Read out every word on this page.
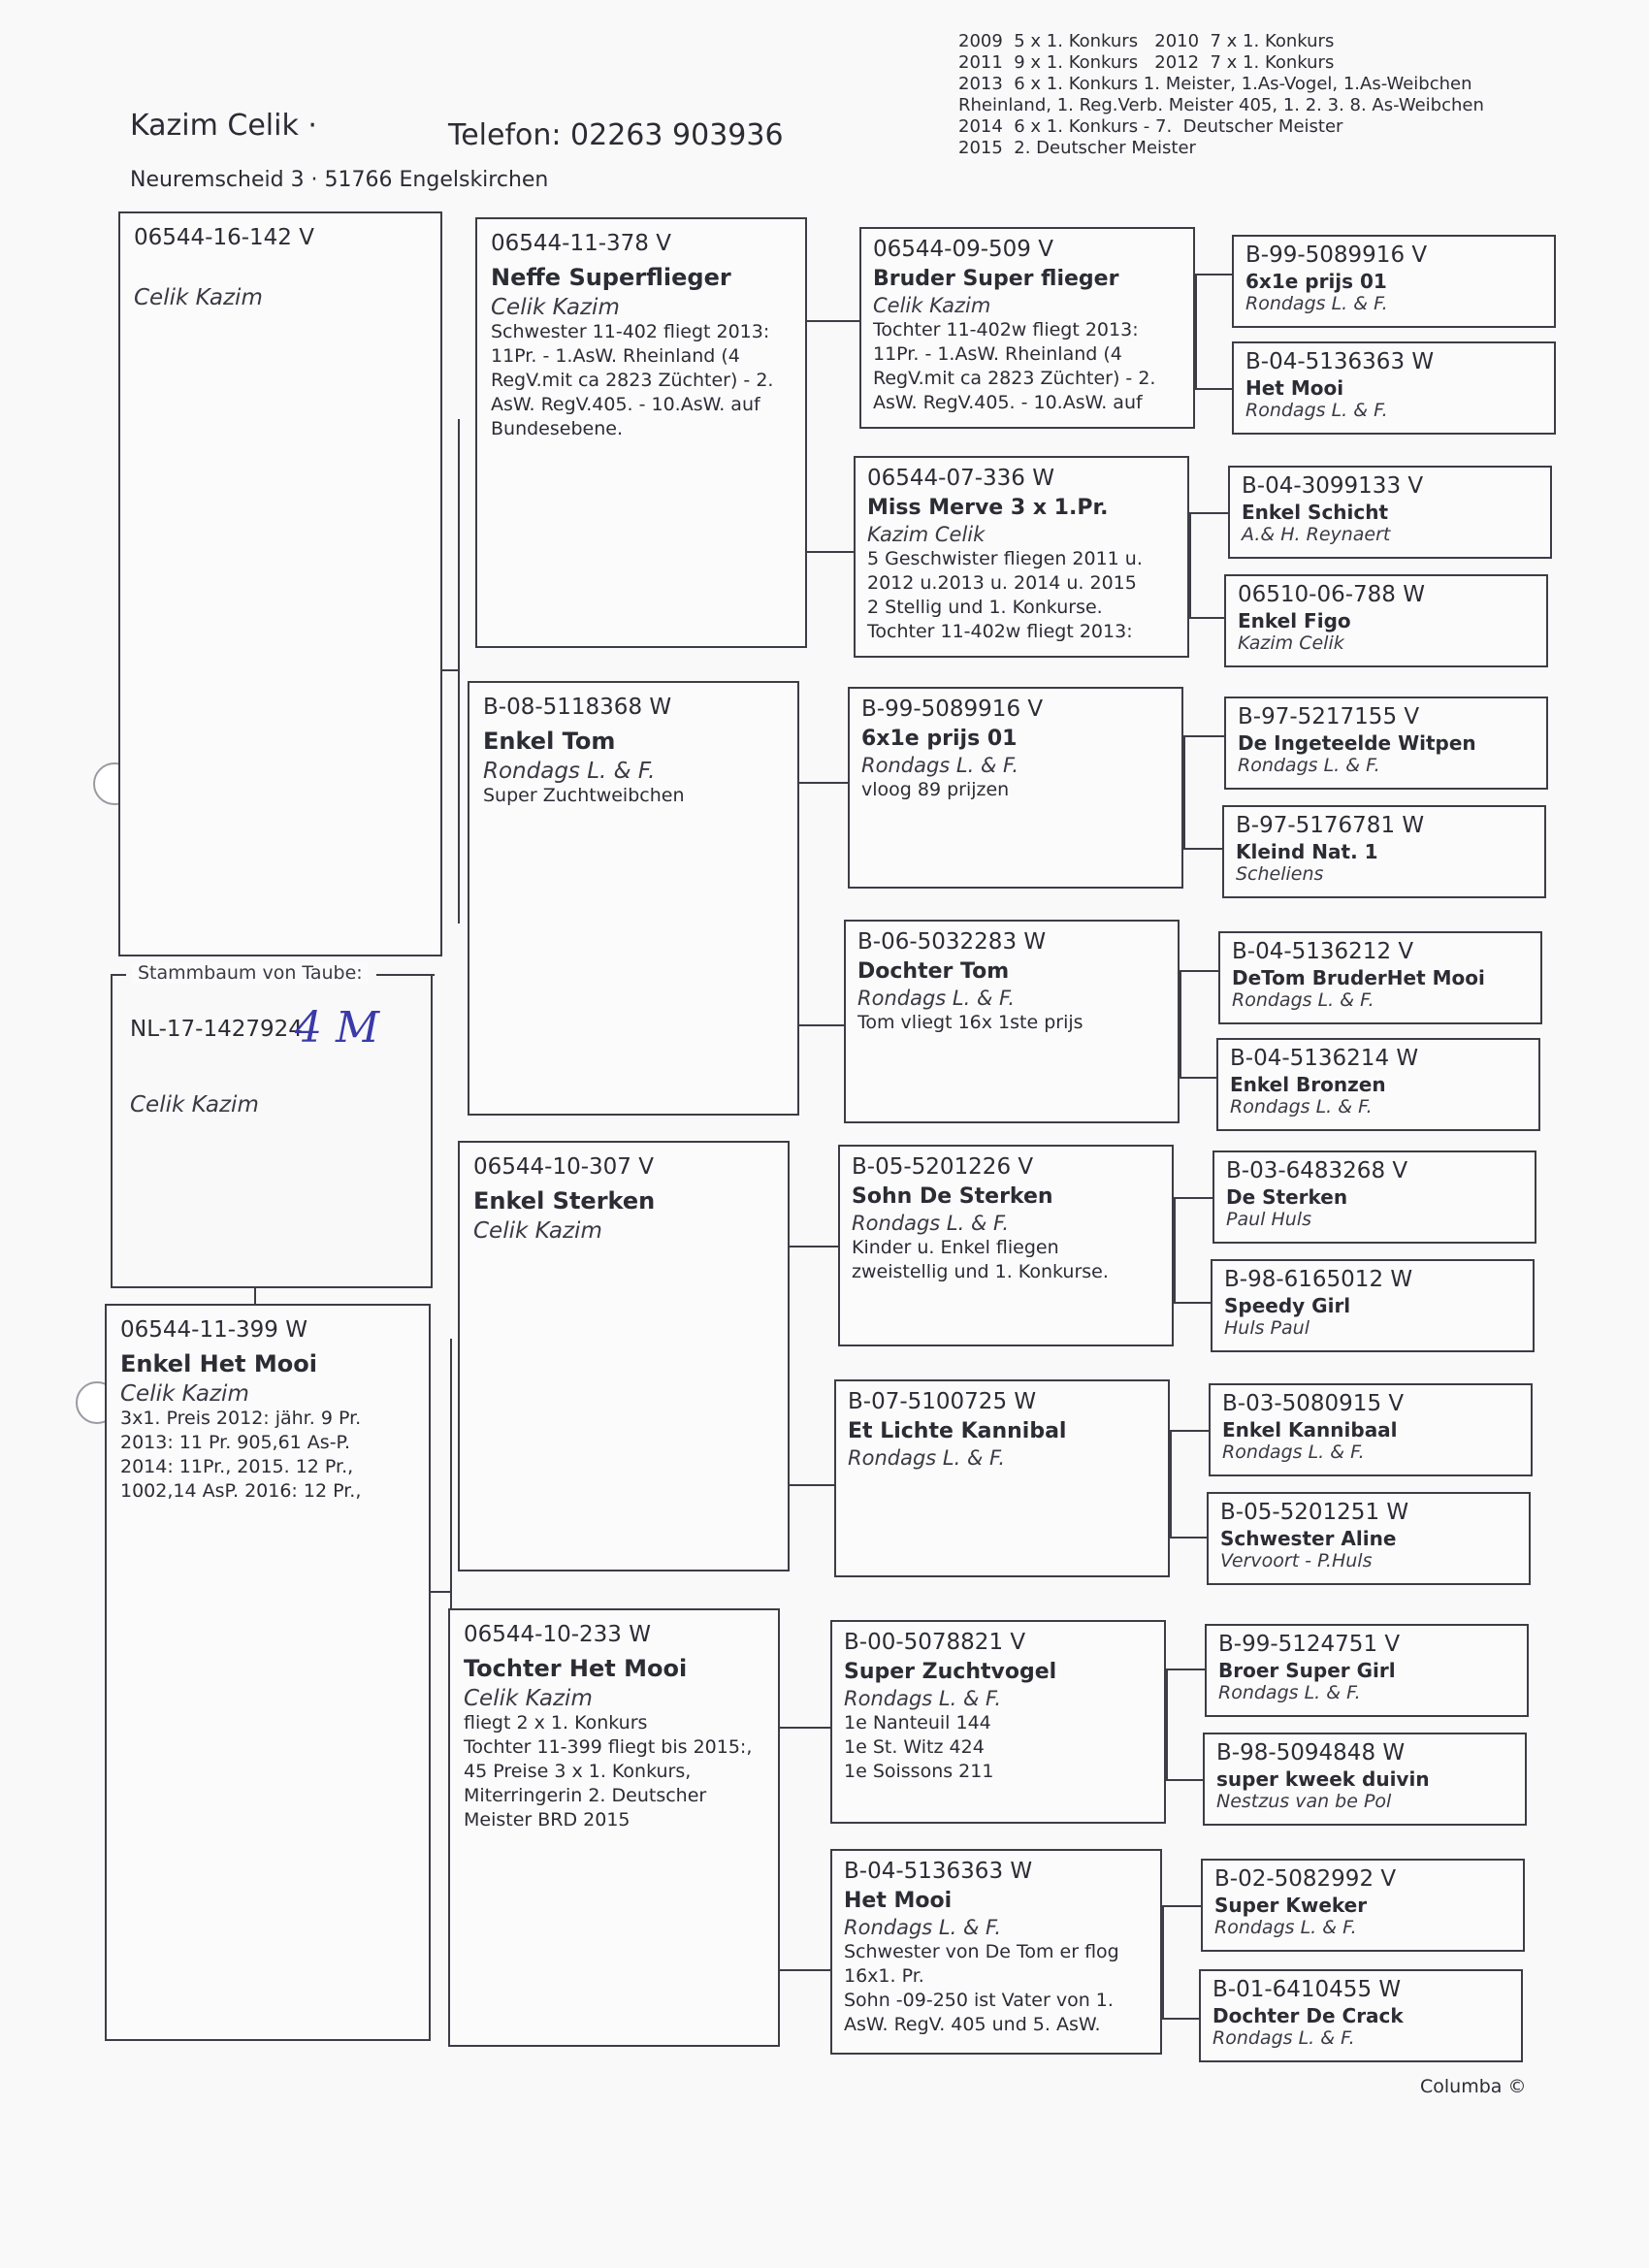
Kazim Celik ·	Telefon: 02263 903936
Neuremscheid 3 · 51766 Engelskirchen
2009  5 x 1. Konkurs   2010  7 x 1. Konkurs
2011  9 x 1. Konkurs   2012  7 x 1. Konkurs
2013  6 x 1. Konkurs 1. Meister, 1.As-Vogel, 1.As-Weibchen
Rheinland, 1. Reg.Verb. Meister 405, 1. 2. 3. 8. As-Weibchen
2014  6 x 1. Konkurs - 7.  Deutscher Meister
2015  2. Deutscher Meister
06544-16-142 V
Celik Kazim
Stammbaum von Taube:
NL-17-1427924
4 M
Celik Kazim
06544-11-399 W
Enkel Het Mooi
Celik Kazim
3x1. Preis 2012: jähr. 9 Pr.
2013: 11 Pr. 905,61 As-P.
2014: 11Pr., 2015. 12 Pr.,
1002,14 AsP. 2016: 12 Pr.,
06544-11-378 V
Neffe Superflieger
Celik Kazim
Schwester 11-402 fliegt 2013:
11Pr. - 1.AsW. Rheinland (4
RegV.mit ca 2823 Züchter) - 2.
AsW. RegV.405. - 10.AsW. auf
Bundesebene.
B-08-5118368 W
Enkel Tom
Rondags L. & F.
Super Zuchtweibchen
06544-10-307 V
Enkel Sterken
Celik Kazim
06544-10-233 W
Tochter Het Mooi
Celik Kazim
fliegt 2 x 1. Konkurs
Tochter 11-399 fliegt bis 2015:,
45 Preise 3 x 1. Konkurs,
Miterringerin 2. Deutscher
Meister BRD 2015
06544-09-509 V
Bruder Super flieger
Celik Kazim
Tochter 11-402w fliegt 2013:
11Pr. - 1.AsW. Rheinland (4
RegV.mit ca 2823 Züchter) - 2.
AsW. RegV.405. - 10.AsW. auf
06544-07-336 W
Miss Merve 3 x 1.Pr.
Kazim Celik
5 Geschwister fliegen 2011 u.
2012 u.2013 u. 2014 u. 2015
2 Stellig und 1. Konkurse.
Tochter 11-402w fliegt 2013:
B-99-5089916 V
6x1e prijs 01
Rondags L. & F.
vloog 89 prijzen
B-06-5032283 W
Dochter Tom
Rondags L. & F.
Tom vliegt 16x 1ste prijs
B-05-5201226 V
Sohn De Sterken
Rondags L. & F.
Kinder u. Enkel fliegen
zweistellig und 1. Konkurse.
B-07-5100725 W
Et Lichte Kannibal
Rondags L. & F.
B-00-5078821 V
Super Zuchtvogel
Rondags L. & F.
1e Nanteuil 144
1e St. Witz 424
1e Soissons 211
B-04-5136363 W
Het Mooi
Rondags L. & F.
Schwester von De Tom er flog
16x1. Pr.
Sohn -09-250 ist Vater von 1.
AsW. RegV. 405 und 5. AsW.
B-99-5089916 V
6x1e prijs 01
Rondags L. & F.
B-04-5136363 W
Het Mooi
Rondags L. & F.
B-04-3099133 V
Enkel Schicht
A.& H. Reynaert
06510-06-788 W
Enkel Figo
Kazim Celik
B-97-5217155 V
De Ingeteelde Witpen
Rondags L. & F.
B-97-5176781 W
Kleind Nat. 1
Scheliens
B-04-5136212 V
DeTom BruderHet Mooi
Rondags L. & F.
B-04-5136214 W
Enkel Bronzen
Rondags L. & F.
B-03-6483268 V
De Sterken
Paul Huls
B-98-6165012 W
Speedy Girl
Huls Paul
B-03-5080915 V
Enkel Kannibaal
Rondags L. & F.
B-05-5201251 W
Schwester Aline
Vervoort - P.Huls
B-99-5124751 V
Broer Super Girl
Rondags L. & F.
B-98-5094848 W
super kweek duivin
Nestzus van be Pol
B-02-5082992 V
Super Kweker
Rondags L. & F.
B-01-6410455 W
Dochter De Crack
Rondags L. & F.
Columba ©
